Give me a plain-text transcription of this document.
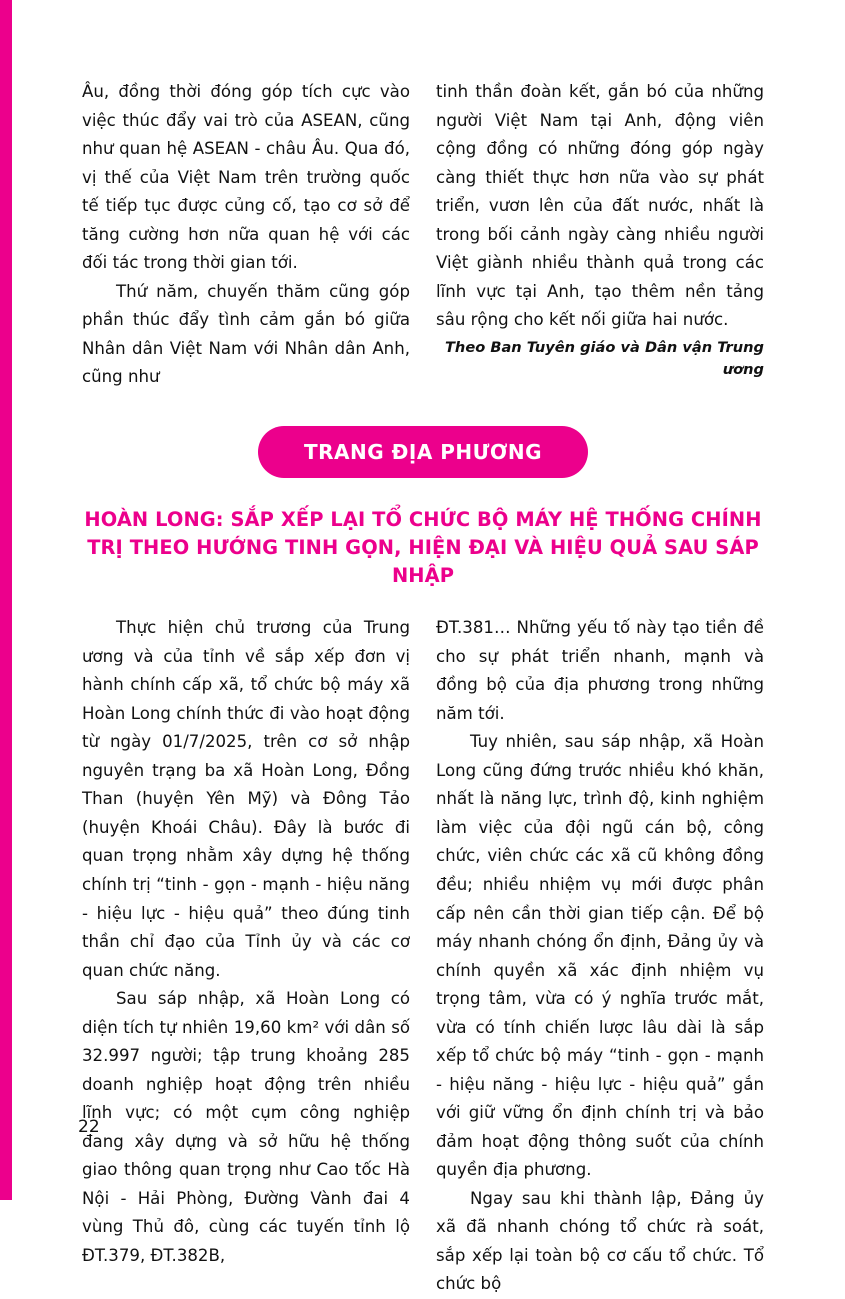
Âu, đồng thời đóng góp tích cực vào việc thúc đẩy vai trò của ASEAN, cũng như quan hệ ASEAN - châu Âu. Qua đó, vị thế của Việt Nam trên trường quốc tế tiếp tục được củng cố, tạo cơ sở để tăng cường hơn nữa quan hệ với các đối tác trong thời gian tới.

Thứ năm, chuyến thăm cũng góp phần thúc đẩy tình cảm gắn bó giữa Nhân dân Việt Nam với Nhân dân Anh, cũng như

tinh thần đoàn kết, gắn bó của những người Việt Nam tại Anh, động viên cộng đồng có những đóng góp ngày càng thiết thực hơn nữa vào sự phát triển, vươn lên của đất nước, nhất là trong bối cảnh ngày càng nhiều người Việt giành nhiều thành quả trong các lĩnh vực tại Anh, tạo thêm nền tảng sâu rộng cho kết nối giữa hai nước.

Theo Ban Tuyên giáo và Dân vận Trung ương
TRANG ĐỊA PHƯƠNG
HOÀN LONG: SẮP XẾP LẠI TỔ CHỨC BỘ MÁY HỆ THỐNG CHÍNH TRỊ THEO HƯỚNG TINH GỌN, HIỆN ĐẠI VÀ HIỆU QUẢ SAU SÁP NHẬP

Thực hiện chủ trương của Trung ương và của tỉnh về sắp xếp đơn vị hành chính cấp xã, tổ chức bộ máy xã Hoàn Long chính thức đi vào hoạt động từ ngày 01/7/2025, trên cơ sở nhập nguyên trạng ba xã Hoàn Long, Đồng Than (huyện Yên Mỹ) và Đông Tảo (huyện Khoái Châu). Đây là bước đi quan trọng nhằm xây dựng hệ thống chính trị “tinh - gọn - mạnh - hiệu năng - hiệu lực - hiệu quả” theo đúng tinh thần chỉ đạo của Tỉnh ủy và các cơ quan chức năng.

Sau sáp nhập, xã Hoàn Long có diện tích tự nhiên 19,60 km² với dân số 32.997 người; tập trung khoảng 285 doanh nghiệp hoạt động trên nhiều lĩnh vực; có một cụm công nghiệp đang xây dựng và sở hữu hệ thống giao thông quan trọng như Cao tốc Hà Nội - Hải Phòng, Đường Vành đai 4 vùng Thủ đô, cùng các tuyến tỉnh lộ ĐT.379, ĐT.382B,

ĐT.381… Những yếu tố này tạo tiền đề cho sự phát triển nhanh, mạnh và đồng bộ của địa phương trong những năm tới.

Tuy nhiên, sau sáp nhập, xã Hoàn Long cũng đứng trước nhiều khó khăn, nhất là năng lực, trình độ, kinh nghiệm làm việc của đội ngũ cán bộ, công chức, viên chức các xã cũ không đồng đều; nhiều nhiệm vụ mới được phân cấp nên cần thời gian tiếp cận. Để bộ máy nhanh chóng ổn định, Đảng ủy và chính quyền xã xác định nhiệm vụ trọng tâm, vừa có ý nghĩa trước mắt, vừa có tính chiến lược lâu dài là sắp xếp tổ chức bộ máy “tinh - gọn - mạnh - hiệu năng - hiệu lực - hiệu quả” gắn với giữ vững ổn định chính trị và bảo đảm hoạt động thông suốt của chính quyền địa phương.

Ngay sau khi thành lập, Đảng ủy xã đã nhanh chóng tổ chức rà soát, sắp xếp lại toàn bộ cơ cấu tổ chức. Tổ chức bộ

22
